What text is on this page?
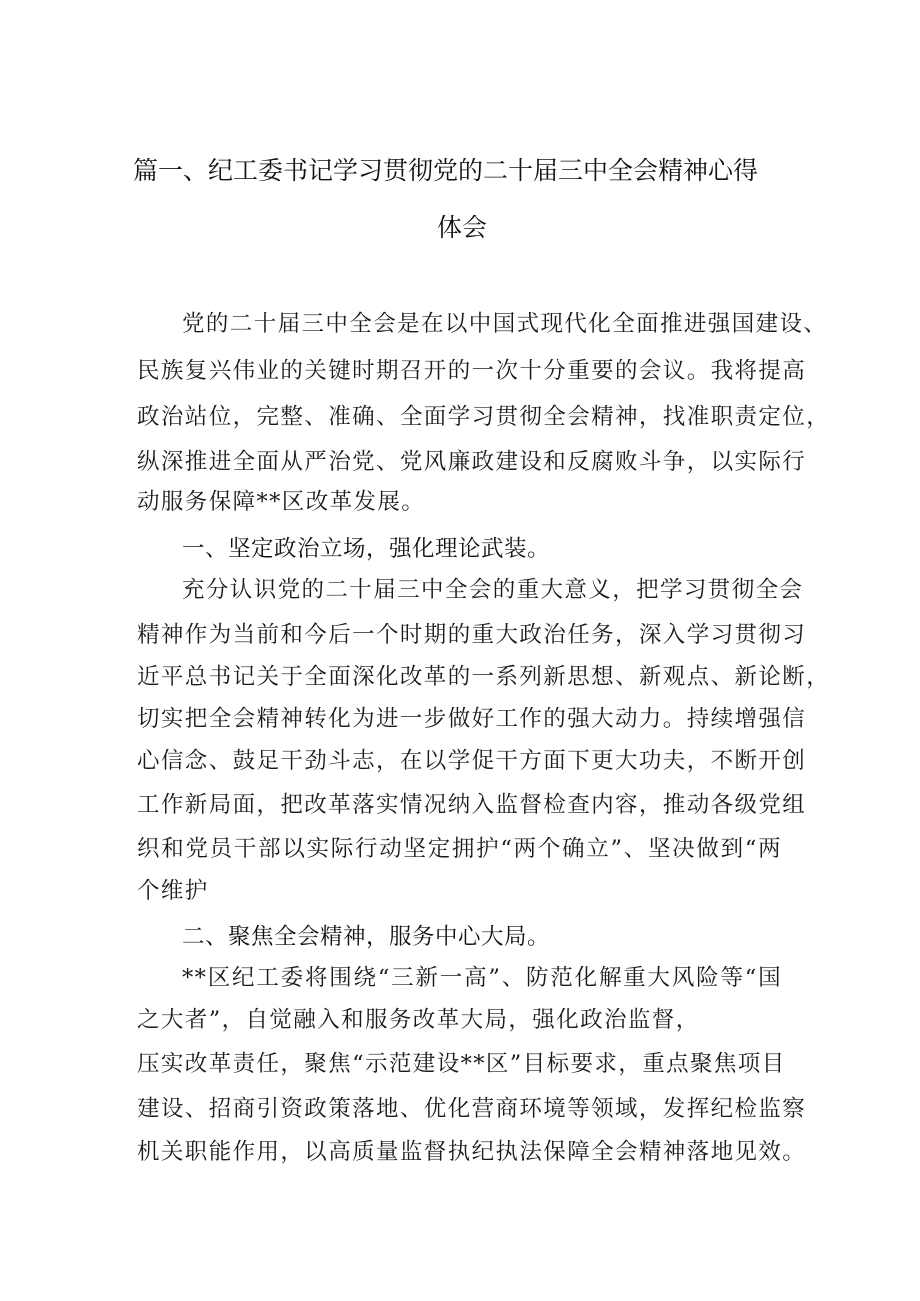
篇一、纪工委书记学习贯彻党的二十届三中全会精神心得
体会
党的二十届三中全会是在以中国式现代化全面推进强国建设、
民族复兴伟业的关键时期召开的一次十分重要的会议。我将提高
政治站位，完整、准确、全面学习贯彻全会精神，找准职责定位，
纵深推进全面从严治党、党风廉政建设和反腐败斗争，以实际行
动服务保障**区改革发展。
一、坚定政治立场，强化理论武装。
充分认识党的二十届三中全会的重大意义，把学习贯彻全会
精神作为当前和今后一个时期的重大政治任务，深入学习贯彻习
近平总书记关于全面深化改革的一系列新思想、新观点、新论断，
切实把全会精神转化为进一步做好工作的强大动力。持续增强信
心信念、鼓足干劲斗志，在以学促干方面下更大功夫，不断开创
工作新局面，把改革落实情况纳入监督检查内容，推动各级党组
织和党员干部以实际行动坚定拥护“两个确立”、坚决做到“两
个维护
二、聚焦全会精神，服务中心大局。
**区纪工委将围绕“三新一高”、防范化解重大风险等“国
之大者”，自觉融入和服务改革大局，强化政治监督，
压实改革责任，聚焦“示范建设**区”目标要求，重点聚焦项目
建设、招商引资政策落地、优化营商环境等领域，发挥纪检监察
机关职能作用，以高质量监督执纪执法保障全会精神落地见效。
